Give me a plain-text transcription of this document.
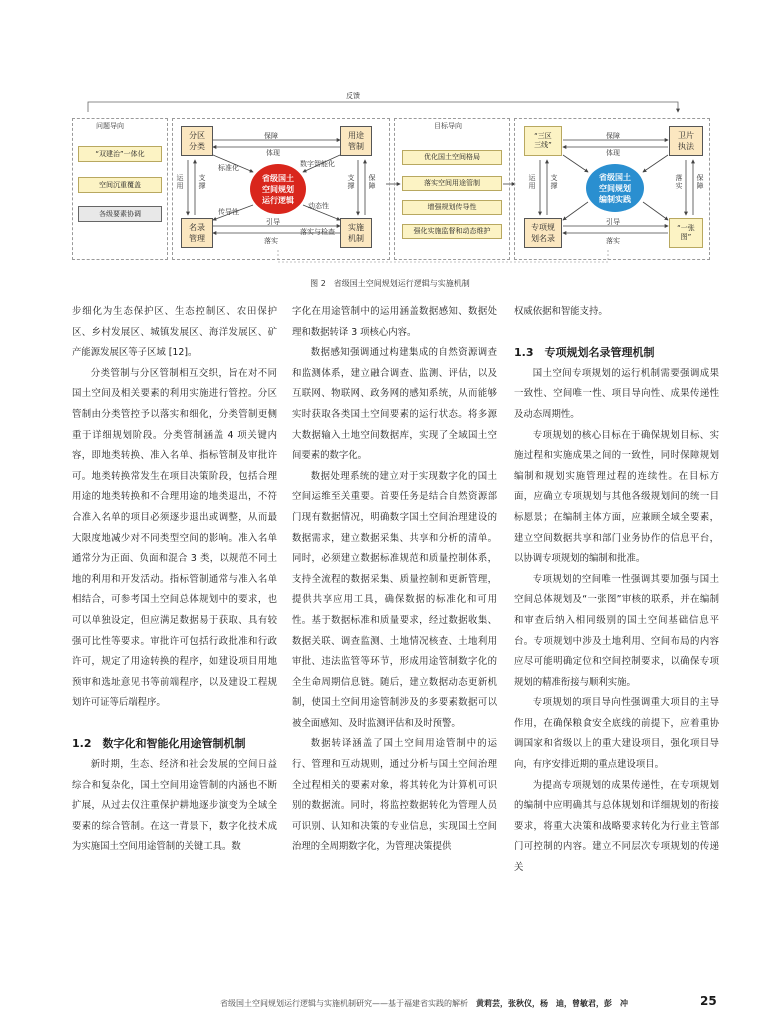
反馈
问题导向
“双建治”一体化
空间沉重覆盖
各级要素协调
分区
分类
用途
管制
名录
管理
实施
机制
省级国土
空间规划
运行逻辑
保障
体现
落实
引导
落实与检查
标准化	数字智能化
传导性
动态性
运用
支撑
支撑
保障
目标导向
优化国土空间格局
落实空间用途管制
增强规划传导性
强化实施监督和动态维护
“三区
三线”
卫片
执法
专项规
划名录
“一张
图”
省级国土
空间规划
编制实践
保障
体现
落实
引导
运用
支撑
落实
保障
图 2　省级国土空间规划运行逻辑与实施机制
步细化为生态保护区、生态控制区、农田保护区、乡村发展区、城镇发展区、海洋发展区、矿产能源发展区等子区域 [12]。
分类管制与分区管制相互交织，旨在对不同国土空间及相关要素的利用实施进行管控。分区管制由分类管控予以落实和细化，分类管制更侧重于详细规划阶段。分类管制涵盖 4 项关键内容，即地类转换、准入名单、指标管制及审批许可。地类转换常发生在项目决策阶段，包括合理用途的地类转换和不合理用途的地类退出，不符合准入名单的项目必须逐步退出或调整，从而最大限度地减少对不同类型空间的影响。准入名单通常分为正面、负面和混合 3 类，以规范不同土地的利用和开发活动。指标管制通常与准入名单相结合，可参考国土空间总体规划中的要求，也可以单独设定，但应满足数据易于获取、具有较强可比性等要求。审批许可包括行政批准和行政许可，规定了用途转换的程序，如建设项目用地预审和选址意见书等前端程序，以及建设工程规划许可证等后端程序。
1.2　数字化和智能化用途管制机制
新时期，生态、经济和社会发展的空间日益综合和复杂化，国土空间用途管制的内涵也不断扩展，从过去仅注重保护耕地逐步演变为全域全要素的综合管制。在这一背景下，数字化技术成为实施国土空间用途管制的关键工具。数
字化在用途管制中的运用涵盖数据感知、数据处理和数据转译 3 项核心内容。
数据感知强调通过构建集成的自然资源调查和监测体系，建立融合调查、监测、评估，以及互联网、物联网、政务网的感知系统，从而能够实时获取各类国土空间要素的运行状态。将多源大数据输入土地空间数据库，实现了全域国土空间要素的数字化。
数据处理系统的建立对于实现数字化的国土空间运维至关重要。首要任务是结合自然资源部门现有数据情况，明确数字国土空间治理建设的数据需求，建立数据采集、共享和分析的清单。同时，必须建立数据标准规范和质量控制体系，支持全流程的数据采集、质量控制和更新管理，提供共享应用工具，确保数据的标准化和可用性。基于数据标准和质量要求，经过数据收集、数据关联、调查监测、土地情况核查、土地利用审批、违法监管等环节，形成用途管制数字化的全生命周期信息链。随后，建立数据动态更新机制，使国土空间用途管制涉及的多要素数据可以被全面感知、及时监测评估和及时预警。
数据转译涵盖了国土空间用途管制中的运行、管理和互动规则，通过分析与国土空间治理全过程相关的要素对象，将其转化为计算机可识别的数据流。同时，将监控数据转化为管理人员可识别、认知和决策的专业信息，实现国土空间治理的全周期数字化，为管理决策提供
权威依据和智能支持。
1.3　专项规划名录管理机制
国土空间专项规划的运行机制需要强调成果一致性、空间唯一性、项目导向性、成果传递性及动态周期性。
专项规划的核心目标在于确保规划目标、实施过程和实施成果之间的一致性，同时保障规划编制和规划实施管理过程的连续性。在目标方面，应确立专项规划与其他各级规划间的统一目标愿景；在编制主体方面，应兼顾全域全要素，建立空间数据共享和部门业务协作的信息平台，以协调专项规划的编制和批准。
专项规划的空间唯一性强调其要加强与国土空间总体规划及“一张图”审核的联系，并在编制和审查后纳入相同级别的国土空间基础信息平台。专项规划中涉及土地利用、空间布局的内容应尽可能明确定位和空间控制要求，以确保专项规划的精准衔接与顺利实施。
专项规划的项目导向性强调重大项目的主导作用，在确保粮食安全底线的前提下，应着重协调国家和省级以上的重大建设项目，强化项目导向，有序安排近期的重点建设项目。
为提高专项规划的成果传递性，在专项规划的编制中应明确其与总体规划和详细规划的衔接要求，将重大决策和战略要求转化为行业主管部门可控制的内容。建立不同层次专项规划的传递关
省级国土空间规划运行逻辑与实施机制研究——基于福建省实践的解析　 黄莉芸，张秋仪，杨　迪，曾敏君，彭　冲	25
